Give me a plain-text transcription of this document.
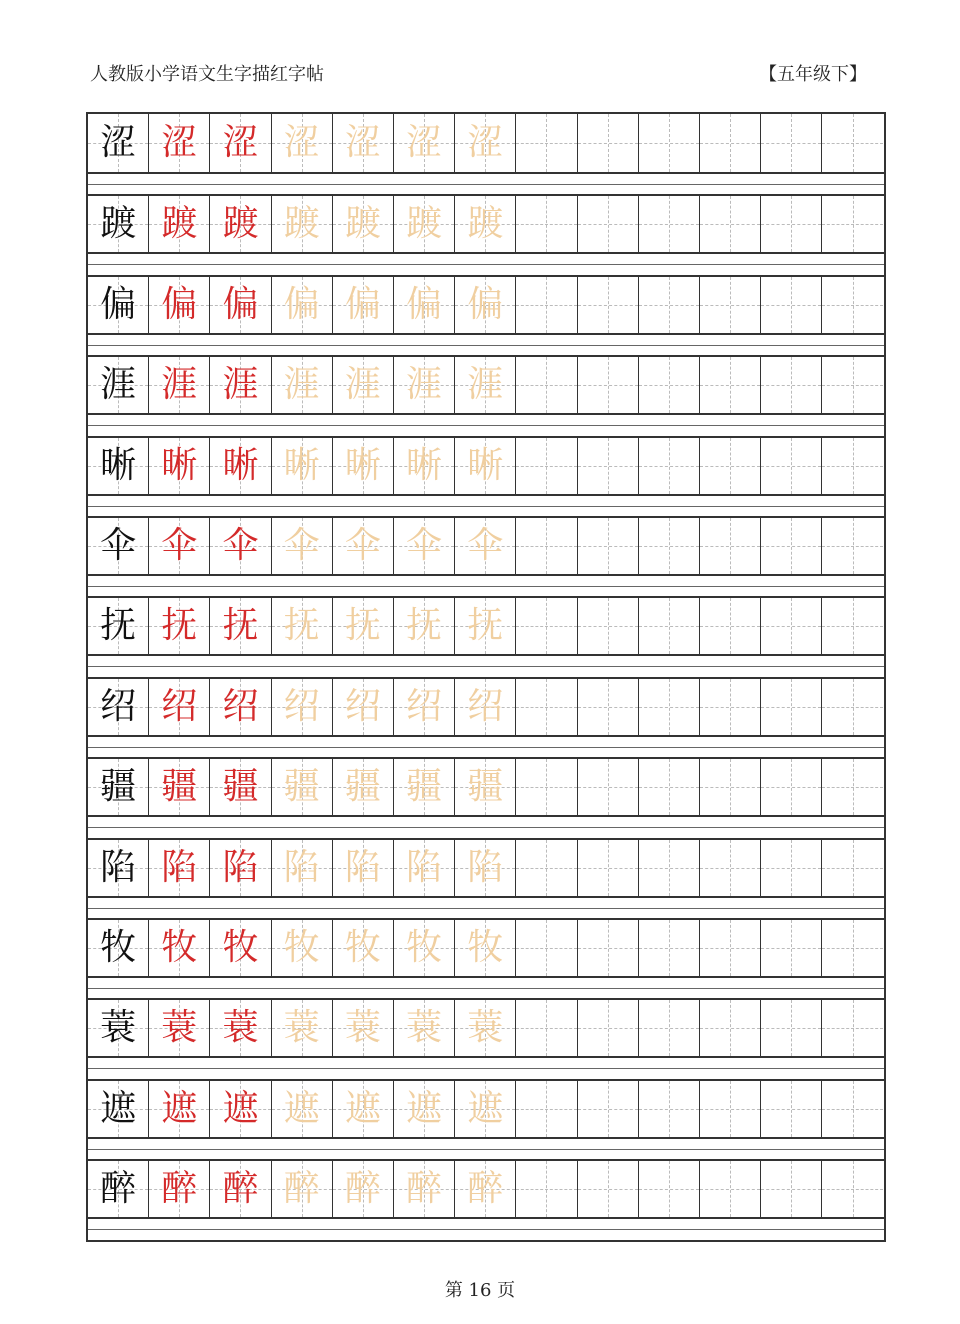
人教版小学语文生字描红字帖	【五年级下】
涩 涩 涩 涩 涩 涩 涩
踱 踱 踱 踱 踱 踱 踱
偏 偏 偏 偏 偏 偏 偏
涯 涯 涯 涯 涯 涯 涯
晰 晰 晰 晰 晰 晰 晰
伞 伞 伞 伞 伞 伞 伞
抚 抚 抚 抚 抚 抚 抚
绍 绍 绍 绍 绍 绍 绍
疆 疆 疆 疆 疆 疆 疆
陷 陷 陷 陷 陷 陷 陷
牧 牧 牧 牧 牧 牧 牧
蓑 蓑 蓑 蓑 蓑 蓑 蓑
遮 遮 遮 遮 遮 遮 遮
醉 醉 醉 醉 醉 醉 醉
第 16 页
